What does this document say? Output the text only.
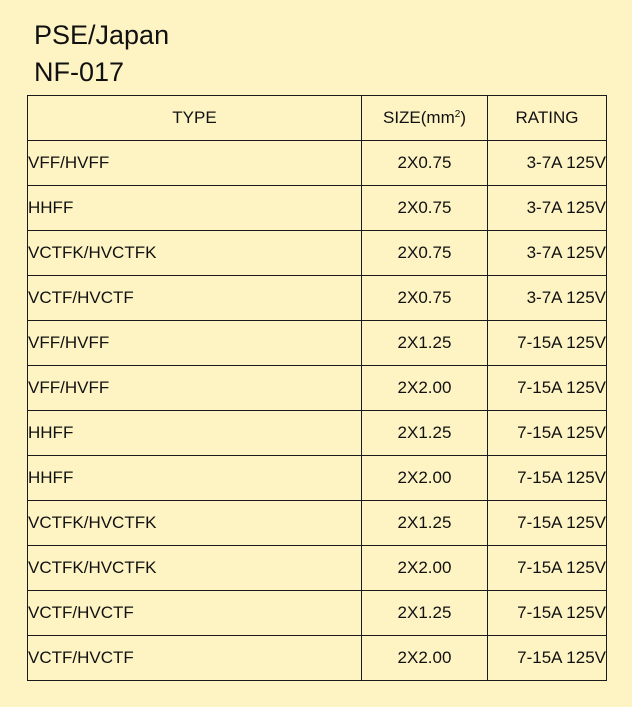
PSE/Japan
NF-017
TYPE	$SIZE(mm^2)$	RATING
VFF/HVFF	2X0.75	3-7A 125V
HHFF	2X0.75	3-7A 125V
VCTFK/HVCTFK	2X0.75	3-7A 125V
VCTF/HVCTF	2X0.75	3-7A 125V
VFF/HVFF	2X1.25	7-15A 125V
VFF/HVFF	2X2.00	7-15A 125V
HHFF	2X1.25	7-15A 125V
HHFF	2X2.00	7-15A 125V
VCTFK/HVCTFK	2X1.25	7-15A 125V
VCTFK/HVCTFK	2X2.00	7-15A 125V
VCTF/HVCTF	2X1.25	7-15A 125V
VCTF/HVCTF	2X2.00	7-15A 125V
